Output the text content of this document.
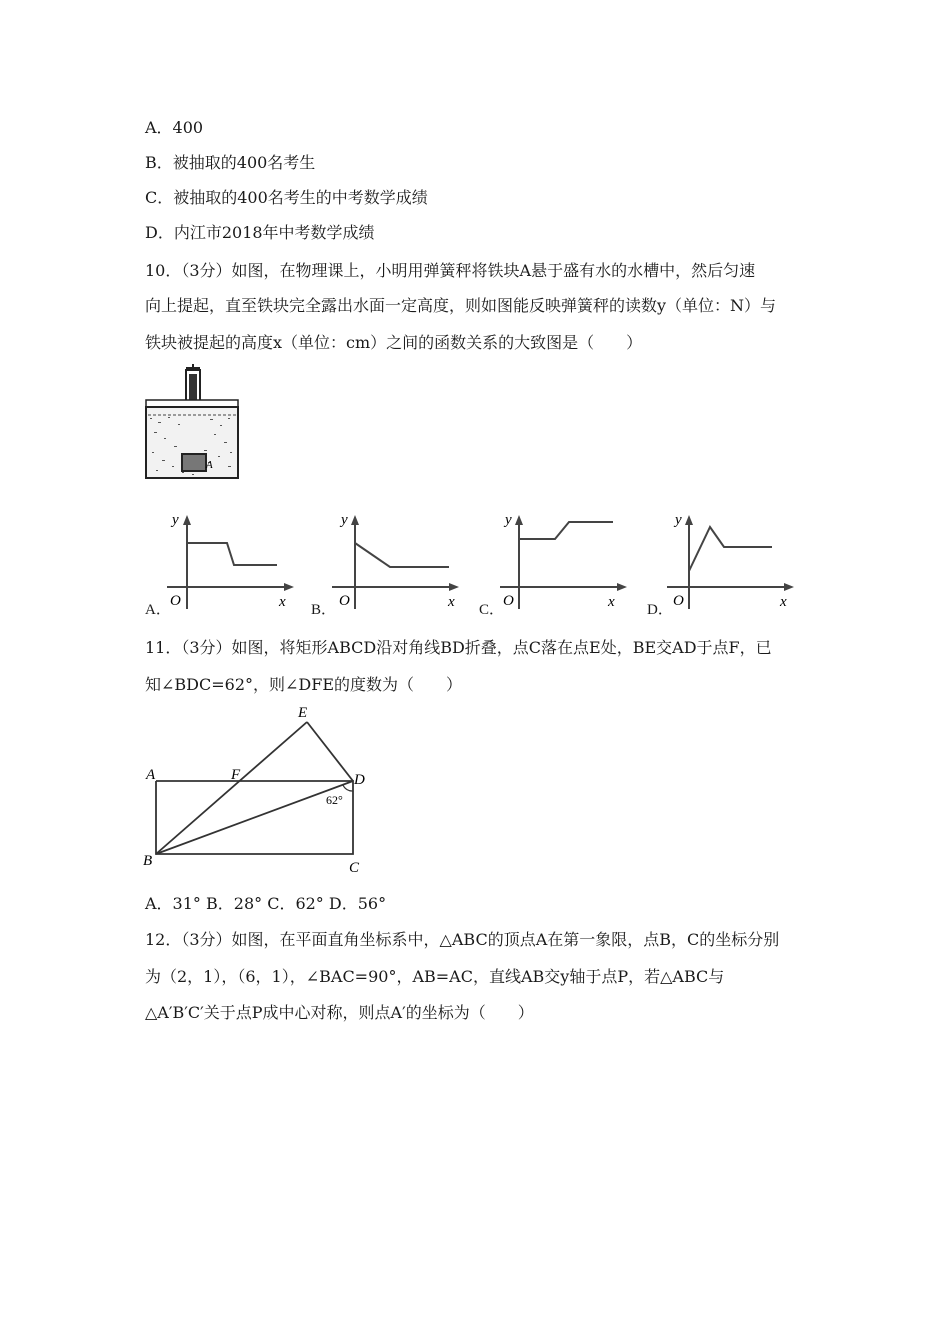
A．400
B．被抽取的400名考生
C．被抽取的400名考生的中考数学成绩
D．内江市2018年中考数学成绩
10．（3分）如图，在物理课上，小明用弹簧秤将铁块A悬于盛有水的水槽中，然后匀速
向上提起，直至铁块完全露出水面一定高度，则如图能反映弹簧秤的读数y（单位：N）与
铁块被提起的高度x（单位：cm）之间的函数关系的大致图是（　　）
A
A．
y
O	x B．
y
O	x C．
y
O	x D．
y
O	x
11．（3分）如图，将矩形ABCD沿对角线BD折叠，点C落在点E处，BE交AD于点F，已
知∠BDC=62°，则∠DFE的度数为（　　）
E
A	F	D
62°
B	C
A．31° B．28° C．62° D．56°
12．（3分）如图，在平面直角坐标系中，△ABC的顶点A在第一象限，点B，C的坐标分别
为（2，1），（6，1），∠BAC=90°，AB=AC，直线AB交y轴于点P，若△ABC与
△A′B′C′关于点P成中心对称，则点A′的坐标为（　　）
